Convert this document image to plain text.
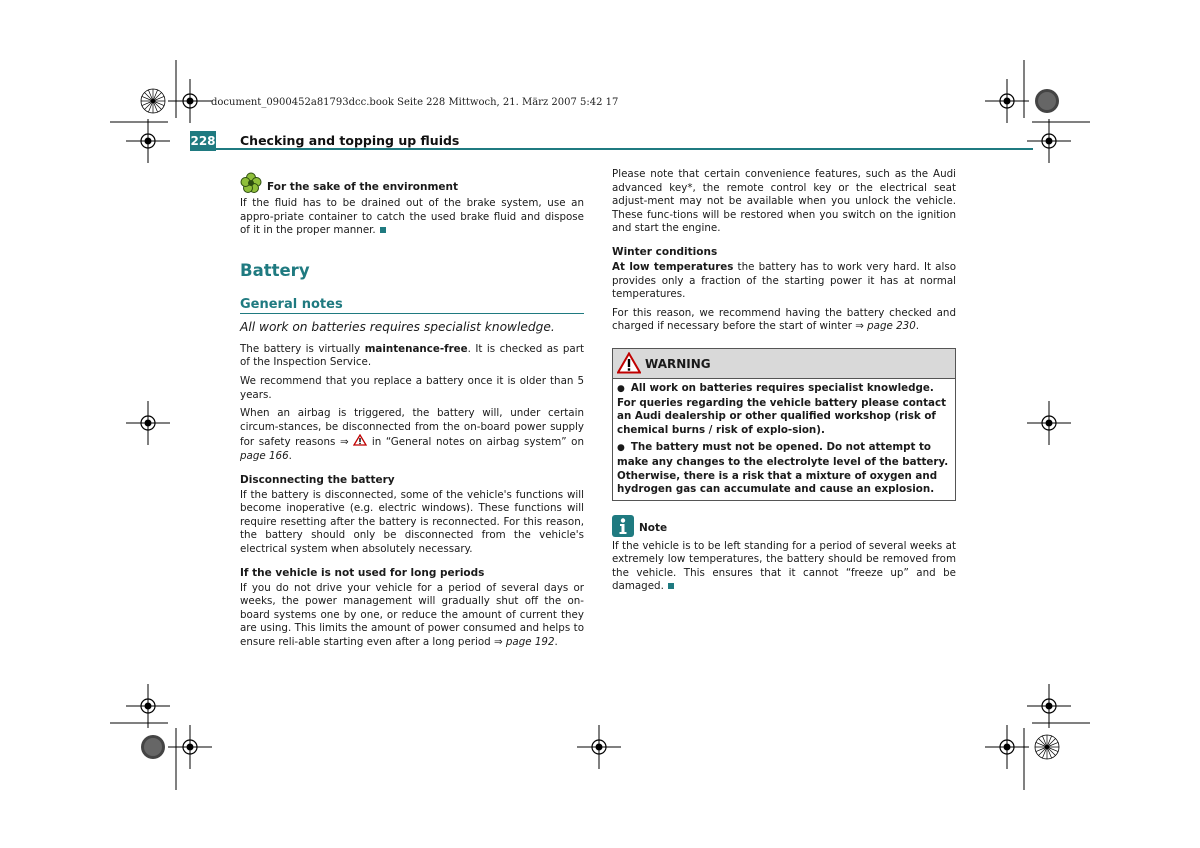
document_0900452a81793dcc.book Seite 228 Mittwoch, 21. März 2007 5:42 17
228 Checking and topping up fluids
For the sake of the environment

If the fluid has to be drained out of the brake system, use an appro-priate container to catch the used brake fluid and dispose of it in the proper manner.

Battery
General notes

All work on batteries requires specialist knowledge.

The battery is virtually maintenance-free. It is checked as part of the Inspection Service.

We recommend that you replace a battery once it is older than 5 years.

When an airbag is triggered, the battery will, under certain circum-stances, be disconnected from the on-board power supply for safety reasons ⇒  in “General notes on airbag system” on page 166.

Disconnecting the battery

If the battery is disconnected, some of the vehicle's functions will become inoperative (e.g. electric windows). These functions will require resetting after the battery is reconnected. For this reason, the battery should only be disconnected from the vehicle's electrical system when absolutely necessary.

If the vehicle is not used for long periods

If you do not drive your vehicle for a period of several days or weeks, the power management will gradually shut off the on-board systems one by one, or reduce the amount of current they are using. This limits the amount of power consumed and helps to ensure reli-able starting even after a long period ⇒ page 192.

Please note that certain convenience features, such as the Audi advanced key*, the remote control key or the electrical seat adjust-ment may not be available when you unlock the vehicle. These func-tions will be restored when you switch on the ignition and start the engine.

Winter conditions

At low temperatures the battery has to work very hard. It also provides only a fraction of the starting power it has at normal temperatures.

For this reason, we recommend having the battery checked and charged if necessary before the start of winter ⇒ page 230.

WARNING

● All work on batteries requires specialist knowledge. For queries regarding the vehicle battery please contact an Audi dealership or other qualified workshop (risk of chemical burns / risk of explo-sion).

● The battery must not be opened. Do not attempt to make any changes to the electrolyte level of the battery. Otherwise, there is a risk that a mixture of oxygen and hydrogen gas can accumulate and cause an explosion.

Note

If the vehicle is to be left standing for a period of several weeks at extremely low temperatures, the battery should be removed from the vehicle. This ensures that it cannot “freeze up” and be damaged.
